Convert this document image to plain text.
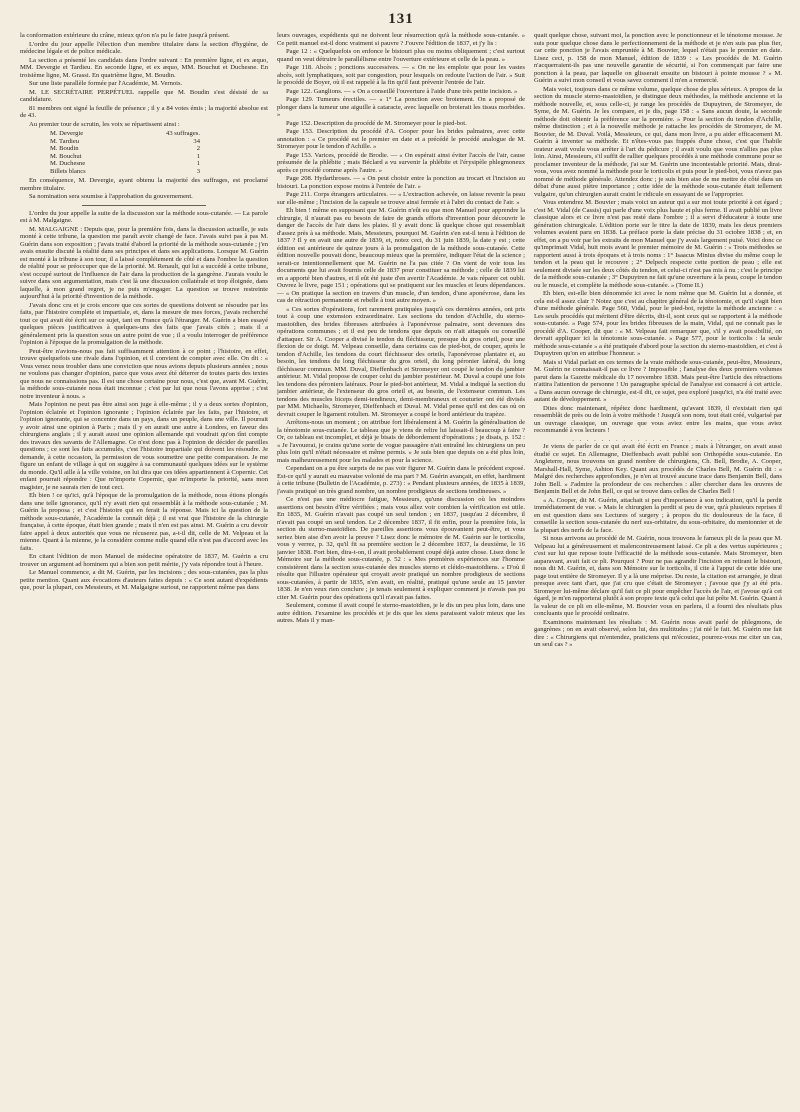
131

la conformation extérieure du crâne, mieux qu'on n'a pu le faire jusqu'à présent.

L'ordre du jour appelle l'élection d'un membre titulaire dans la section d'hygiène, de médecine légale et de police médicale.

La section a présenté les candidats dans l'ordre suivant : En première ligne, et ex æquo, MM. Devergie et Tardieu. En seconde ligne, et ex æquo, MM. Bouchut et Duchesne. En troisième ligne, M. Grassi. En quatrième ligne, M. Boudin.

Sur une liste parallèle formée par l'Académie, M. Vernois.

M. LE SECRÉTAIRE PERPÉTUEL rappelle que M. Boudin s'est désisté de sa candidature.

81 membres ont signé la feuille de présence ; il y a 84 votes émis ; la majorité absolue est de 43.

Au premier tour de scrutin, les voix se répartissent ainsi :

M. Devergie	43 suffrages.
M. Tardieu	34
M. Boudin	2
M. Bouchut	1
M. Duchesne	1
Billets blancs	3

En conséquence, M. Devergie, ayant obtenu la majorité des suffrages, est proclamé membre titulaire.

Sa nomination sera soumise à l'approbation du gouvernement.

L'ordre du jour appelle la suite de la discussion sur la méthode sous-cutanée. — La parole est à M. Malgaigne.

M. MALGAIGNE : Depuis que, pour la première fois, dans la discussion actuelle, je suis monté à cette tribune, la question me paraît avoir changé de face. J'avais suivi pas à pas M. Guérin dans son exposition ; j'avais traité d'abord la priorité de la méthode sous-cutanée ; j'en avais ensuite discuté la réalité dans ses principes et dans ses applications. Lorsque M. Guérin est monté à la tribune à son tour, il a laissé complétement de côté et dans l'ombre la question de réalité pour se préoccuper que de la priorité. M. Renault, qui lui a succédé à cette tribune, s'est occupé surtout de l'influence de l'air dans la production de la gangrène. J'aurais voulu le suivre dans son argumentation, mais c'est là une discussion collatérale et trop éloignée, dans laquelle, à mon grand regret, je ne puis m'engager. La question se trouve restreinte aujourd'hui à la priorité d'invention de la méthode.

J'avais donc cru et je crois encore que ces sortes de questions doivent se résoudre par les faits, par l'histoire complète et impartiale, et, dans la mesure de mes forces, j'avais recherché tout ce qui avait été écrit sur ce sujet, tant en France qu'à l'étranger. M. Guérin a bien essayé quelques pièces justificatives à quelques-uns des faits que j'avais cités ; mais il a généralement pris la question sous un autre point de vue ; il a voulu interroger de préférence l'opinion à l'époque de la promulgation de la méthode.

Peut-être n'avions-nous pas fait suffisamment attention à ce point ; l'histoire, en effet, trouve quelquefois une rivale dans l'opinion, et il convient de compter avec elle. On dit : « Vous venez nous troubler dans une conviction que nous avions depuis plusieurs années ; nous ne voulons pas changer d'opinion, parce que vous avez été déterrer de toutes parts des textes que nous ne connaissions pas. Il est une chose certaine pour nous, c'est que, avant M. Guérin, la méthode sous-cutanée nous était inconnue ; c'est par lui que nous l'avons apprise ; c'est notre inventeur à nous. »

Mais l'opinion ne peut pas être ainsi son juge à elle-même ; il y a deux sortes d'opinion, l'opinion éclairée et l'opinion ignorante ; l'opinion éclairée par les faits, par l'histoire, et l'opinion ignorante, qui se concentre dans un pays, dans un peuple, dans une ville. Il pourrait y avoir ainsi une opinion à Paris ; mais il y en aurait une autre à Londres, en faveur des chirurgiens anglais ; il y aurait aussi une opinion allemande qui voudrait qu'on tînt compte des travaux des savants de l'Allemagne. Ce n'est donc pas à l'opinion de décider de pareilles questions ; ce sont les faits accumulés, c'est l'histoire impartiale qui doivent les résoudre. Je demande, à cette occasion, la permission de vous soumettre une petite comparaison. Je me figure un enfant de village à qui on suggère à sa communauté quelques idées sur le système du monde. Qu'il aille à la ville voisine, on lui dira que ces idées appartiennent à Copernic. Cet enfant pourrait répondre : Que m'importe Copernic, que m'importe la priorité, sans mon magister, je ne saurais rien de tout ceci.

Eh bien ! ce qu'ici, qu'à l'époque de la promulgation de la méthode, nous étions plongés dans une telle ignorance, qu'il n'y avait rien qui ressemblât à la méthode sous-cutanée ; M. Guérin la proposa ; et c'est l'histoire qui en ferait la réponse. Mais ici la question de la méthode sous-cutanée, l'Académie la connaît déjà ; il est vrai que l'histoire de la chirurgie française, à cette époque, était bien grande ; mais il n'en est pas ainsi. M. Guérin a cru devoir faire appel à deux autorités que vous ne récuserez pas, a-t-il dit, celle de M. Velpeau et la mienne. Quant à la mienne, je la considère comme nulle quand elle n'est pas d'accord avec les faits.

En citant l'édition de mon Manuel de médecine opératoire de 1837, M. Guérin a cru trouver un argument ad hominem qui a bien son petit mérite, j'y vais répondre tout à l'heure.

Le Manuel commence, a dit M. Guérin, par les incisions ; des sous-cutanées, pas la plus petite mention. Quant aux évocations d'auteurs faites depuis : « Ce sont autant d'expédients que, pour la plupart, ces Messieurs, et M. Malgaigne surtout, ne rapportent même pas dans

leurs ouvrages, expédients qui ne doivent leur résurrection qu'à la méthode sous-cutanée. » Ce petit manuel est-il donc vraiment si pauvre ? J'ouvre l'édition de 1837, et j'y lis :

Page 12 : « Quelquefois on enfonce le bistouri plus ou moins obliquement ; c'est surtout quand on veut détruire le parallélisme entre l'ouverture extérieure et celle de la peau. »

Page 118. Abcès ; ponctions successives. — « On ne les emploie que pour les vastes abcès, soit lymphatiques, soit par congestion, pour lesquels on redoute l'action de l'air. » Suit le procédé de Boyer, où il est rappelé à la fin qu'il faut prévenir l'entrée de l'air.

Page 122. Ganglions. — « On a conseillé l'ouverture à l'aide d'une très petite incision. »

Page 129. Tumeurs érectiles. — « 1° La ponction avec broiement. On a proposé de plonger dans la tumeur une aiguille à cataracte, avec laquelle on broierait les tissus morbides. »

Page 152. Description du procédé de M. Stromeyer pour le pied-bot.

Page 153. Description du procédé d'A. Cooper pour les brides palmaires, avec cette annotation : « Ce procédé est le premier en date et a précédé le procédé analogue de M. Stromeyer pour le tendon d'Achille. »

Page 153. Varices, procédé de Brodie. — « On espérait ainsi éviter l'accès de l'air, cause présumée de la phlébite ; mais Béclard a vu survenir la phlébite et l'érysipèle phlegmoneux après ce procédé comme après l'autre. »

Page 208. Hydarthroses. — « On peut choisir entre la ponction au trocart et l'incision au bistouri. La ponction expose moins à l'entrée de l'air. »

Page 211. Corps étrangers articulaires. — « L'extraction achevée, on laisse revenir la peau sur elle-même ; l'incision de la capsule se trouve ainsi fermée et à l'abri du contact de l'air. »

Eh bien ! même en supposant que M. Guérin n'eût eu que mon Manuel pour apprendre la chirurgie, il n'aurait pas eu besoin de faire de grands efforts d'invention pour découvrir le danger de l'accès de l'air dans les plaies. Il y avait donc là quelque chose qui ressemblait d'assez près à sa méthode. Mais, Messieurs, pourquoi M. Guérin s'en est-il tenu à l'édition de 1837 ? Il y en avait une autre de 1839, et, notez ceci, du 31 juin 1839, la date y est ; cette édition est antérieure de quinze jours à la promulgation de la méthode sous-cutanée. Cette édition nouvelle pouvait donc, beaucoup mieux que la première, indiquer l'état de la science ; serait-ce intentionnellement que M. Guérin ne l'a pas citée ? On vient de voir tous les documents que lui avait fournis celle de 1837 pour constituer sa méthode ; celle de 1839 lui en a apporté bien d'autres, et il eût été juste d'en avertir l'Académie. Je vais réparer cet oubli. Ouvrez le livre, page 151 ; opérations qui se pratiquent sur les muscles et leurs dépendances. — « On pratique la section en travers d'un muscle, d'un tendon, d'une aponévrose, dans les cas de rétraction permanente et rebelle à tout autre moyen. »

« Ces sortes d'opérations, fort rarement pratiquées jusqu'à ces dernières années, ont pris tout à coup une extension extraordinaire. Les sections du tendon d'Achille, du sterno-mastoïdien, des brides fibreuses attribuées à l'aponévrose palmaire, sont devenues des opérations communes ; et il est peu de tendons que depuis on n'ait attaqués ou conseillé d'attaquer. Sir A. Cooper a divisé le tendon du fléchisseur, presque du gros orteil, pour une flexion de ce doigt. M. Velpeau conseille, dans certains cas de pied-bot, de couper, après le tendon d'Achille, les tendons du court fléchisseur des orteils, l'aponévrose plantaire et, au besoin, les tendons du long fléchisseur du gros orteil, du long péronier latéral, du long fléchisseur commun. MM. Duval, Dieffenbach et Stromeyer ont coupé le tendon du jambier antérieur. M. Vidal propose de couper celui du jambier postérieur. M. Duval a coupé une fois les tendons des péroniers latéraux. Pour le pied-bot antérieur, M. Vidal a indiqué la section du jambier antérieur, de l'extenseur du gros orteil et, au besoin, de l'extenseur commun. Les tendons des muscles biceps demi-tendineux, demi-membraneux et couturier ont été divisés par MM. Michaelis, Stromeyer, Dieffenbach et Duval. M. Vidal pense qu'il est des cas où on devrait couper le ligament rotulien. M. Stromeyer a coupé le bord antérieur du trapèze.

Arrêtons-nous un moment ; on attribue fort libéralement à M. Guérin la généralisation de la ténotomie sous-cutanée. Le tableau que je viens de relire lui laissait-il beaucoup à faire ? Or, ce tableau est incomplet, et déjà je bisais de débordement d'opérations ; je disais, p. 152 : « Je l'avouerai, je crains qu'une sorte de vogue passagère n'ait entraîné les chirurgiens un peu plus loin qu'il n'était nécessaire et même permis. » Je suis bien que depuis on a été plus loin, mais malheureusement pour les malades et pour la science.

Cependant on a pu être surpris de ne pas voir figurer M. Guérin dans le précédent exposé. Est-ce qu'il y aurait eu mauvaise volonté de ma part ? M. Guérin avançait, en effet, hardiment à cette tribune (Bulletin de l'Académie, p. 273) : « Pendant plusieurs années, de 1835 à 1839, j'avais pratiqué un très grand nombre, un nombre prodigieux de sections tendineuses. »

Ce n'est pas une médiocre fatigue, Messieurs, qu'une discussion où les moindres assertions ont besoin d'être vérifiées ; mais vous allez voir combien la vérification est utile. En 1835, M. Guérin n'avait pas coupé un seul tendon ; en 1837, jusqu'au 2 décembre, il n'avait pas coupé un seul tendon. Le 2 décembre 1837, il fit enfin, pour la première fois, la section du sterno-mastoïdien. De pareilles assertions vous épouvantent peut-être, et vous seriez bien aise d'en avoir la preuve ? Lisez donc le mémoire de M. Guérin sur le torticolis, vous y verrez, p. 32, qu'il fit sa première section le 2 décembre 1837, la deuxième, le 16 janvier 1838. Fort bien, dira-t-on, il avait probablement coupé déjà autre chose. Lisez donc le Mémoire sur la méthode sous-cutanée, p. 52 : « Mes premières expériences sur l'homme consistèrent dans la section sous-cutanée des muscles sterno et cléido-mastoïdiens. » D'où il résulte que l'illustre opérateur qui croyait avoir pratiqué un nombre prodigieux de sections sous-cutanées, à partir de 1835, n'en avait, en réalité, pratiqué qu'une seule au 15 janvier 1838. Je n'en veux rien conclure ; je tenais seulement à expliquer comment je n'avais pas pu citer M. Guérin pour des opérations qu'il n'avait pas faites.

Seulement, comme il avait coupé le sterno-mastoïdien, je le dis un peu plus loin, dans une autre édition. J'examine les procédés et je dis que les siens paraissent valoir mieux que les autres. Mais il y man-

quait quelque chose, suivant moi, la ponction avec le ponctionneur et le ténotome mousse. Je suis pour quelque chose dans le perfectionnement de la méthode et je n'en suis pas plus fier, car cette ponction je l'avais empruntée à M. Bouvier, lequel n'était pas le premier en date. Lisez ceci, p. 158 de mon Manuel, édition de 1839 : « Les procédés de M. Guérin n'acquerraient-ils pas une nouvelle garantie de sécurité, si l'on commençait par faire une ponction à la peau, par laquelle on glisserait ensuite un bistouri à pointe mousse ? » M. Guérin a suivi mon conseil et vous savez comment il m'en a remercié.

Mais voici, toujours dans ce même volume, quelque chose de plus sérieux. A propos de la section du muscle sterno-mastoïdien, je distingue deux méthodes, la méthode ancienne et la méthode nouvelle, et, sous celle-ci, je range les procédés de Dupuytren, de Stromeyer, de Syme, de M. Guérin. Je les compare, et je dis, page 158 : « Sans aucun doute, la seconde méthode doit obtenir la préférence sur la première. » Pour la section du tendon d'Achille, même distinction ; et à la nouvelle méthode je rattache les procédés de Stromeyer, de M. Bouvier, de M. Duval. Voilà, Messieurs, ce qui, dans mon livre, a pu aider efficacement M. Guérin à inventer sa méthode. Et n'êtes-vous pas frappés d'une chose, c'est que l'habile orateur avait voulu vous arrêter à l'art du pédicure ; il avait voulu que vous n'allies pas plus loin. Ainsi, Messieurs, s'il suffit de rallier quelques procédés à une méthode commune pour se proclamer inventeur de la méthode, j'ai sur M. Guérin une incontestable priorité. Mais, dirai-vous, vous avez nommé la méthode pour le torticolis et puis pour le pied-bot, vous n'avez pas nommé de méthode générale. Attendez donc ; je suis bien aise de me mettre de côté dans un débat d'une aussi piètre importance ; cette idée de la méthode sous-cutanée était tellement vulgaire, qu'un chirurgien aurait craint le ridicule en essayant de se l'approprier.

Vous entendrez M. Bouvier ; mais voici un auteur qui a sur moi toute priorité à cet égard ; c'est M. Vidal (de Cassis) qui parle d'une voix plus haute et plus ferme. Il avait publié un livre classique alors et ce livre n'est pas resté dans l'ombre ; il a servi d'éducateur à toute une génération chirurgicale. L'édition porte sur le titre la date de 1839, mais les deux premiers volumes avaient paru en 1838. La préface porte la date précise du 31 octobre 1838 ; et, en effet, on a pu voir par les extraits de mon Manuel que j'y avais largement puisé. Voici donc ce qu'imprimait Vidal, huit mois avant le premier mémoire de M. Guérin : « Trois méthodes se rapportent aussi à trois époques et à trois noms : 1° Isaacus Minius divise du même coup le tendon et la peau qui le recouvre ; 2° Delpech respecte cette portion de peau ; elle est seulement divisée sur les deux côtés du tendon, et celui-ci n'est pas mis à nu ; c'est le principe de la méthode sous-cutanée ; 3° Dupuytren ne fait qu'une ouverture à la peau, coupe le tendon ou le muscle, et complète la méthode sous-cutanée. » (Tome II.)

Eh bien, est-elle bien dénommée ici avec le nom même que M. Guérin lui a donnée, et cela est-il assez clair ? Notez que c'est au chapitre général de la ténotomie, et qu'il s'agit bien d'une méthode générale. Page 560, Vidal, pour le pied-bot, rejette la méthode ancienne : « Les seuls procédés qui méritent d'être décrits, dit-il, sont ceux qui se rapportent à la méthode sous-cutanée. » Page 574, pour les brides fibreuses de la main, Vidal, qui ne connaît pas le procédé d'A. Cooper, dit que : « M. Velpeau fait remarquer que, s'il y avait possibilité, on devrait appliquer ici la ténotomie sous-cutanée. » Page 577, pour le torticolis : la seule méthode sous-cutanée » a été pratiquée d'abord pour la section du sterno-mastoïdien, et c'est à Dupuytren qu'on en attribue l'honneur. »

Mais si Vidal parlait en ces termes de la vraie méthode sous-cutanée, peut-être, Messieurs, M. Guérin ne connaissait-il pas ce livre ? Impossible ; l'analyse des deux premiers volumes parut dans la Gazette médicale du 17 novembre 1838. Mais peut-être l'article des rétractions n'attira l'attention de personne ! Un paragraphe spécial de l'analyse est consacré à cet article. « Dans aucun ouvrage de chirurgie, est-il dit, ce sujet, peu exploré jusqu'ici, n'a été traité avec autant de développement. »

Dites donc maintenant, répétez donc hardiment, qu'avant 1839, il n'existait rien qui ressemblât de près ou de loin à votre méthode ! Jusqu'à son nom, tout était créé, vulgarisé par un ouvrage classique, un ouvrage que vous aviez entre les mains, que vous aviez recommandé à vos lecteurs !

. . . . . . . . . . . . . . . . . . . . . . . .

Je viens de parler de ce qui avait été écrit en France ; mais à l'étranger, on avait aussi étudié ce sujet. En Allemagne, Dieffenbach avait publié son Orthopédie sous-cutanée. En Angleterre, nous trouvons un grand nombre de chirurgiens, Ch. Bell, Brodie, A. Cooper, Marshall-Hall, Syme, Ashton Key. Quant aux procédés de Charles Bell, M. Guérin dit : « Malgré des recherches approfondies, je n'en ai trouvé aucune trace dans Benjamin Bell, dans John Bell. » J'admire la profondeur de ces recherches : aller chercher dans les œuvres de Benjamin Bell et de John Bell, ce qui se trouve dans celles de Charles Bell !

« A. Cooper, dit M. Guérin, attachait si peu d'importance à son indication, qu'il la perdit immédiatement de vue. » Mais le chirurgien la perdit si peu de vue, qu'à plusieurs reprises il en est question dans ses Lectures of surgery ; à propos du tic douloureux de la face, il conseille la section sous-cutanée du nerf sus-orbitaire, du sous-orbitaire, du mentonnier et de la plupart des nerfs de la face.

Si nous arrivons au procédé de M. Guérin, nous trouvons le fameux pli de la peau que M. Velpeau lui a généreusement et malencontreusement laissé. Ce pli a des vertus supérieures ; c'est sur lui que repose toute l'efficacité de la méthode sous-cutanée. Mais Stromeyer, bien auparavant, avait fait ce pli. Pourquoi ? Pour ne pas agrandir l'incision en retirant le bistouri, nous dit M. Guérin, et, dans son Mémoire sur le torticolis, il cite à l'appui de cette idée une page tout entière de Stromeyer. Il y a là une méprise. Du reste, la citation est arrangée, je dirai presque avec tant d'art, que j'ai cru que c'était de Stromeyer ; j'avoue que j'y ai été pris. Stromeyer lui-même déclare qu'il fait ce pli pour empêcher l'accès de l'air, et j'avoue qu'à cet égard, je m'en rapporterai plutôt à son propre texte qu'à celui que lui prête M. Guérin. Quant à la valeur de ce pli en elle-même, M. Bouvier vous en parlera, il a fourni des résultats plus concluants que le procédé ordinaire.

Examinons maintenant les résultats : M. Guérin nous avait parlé de phlegmons, de gangrènes ; on en avait observé, selon lui, des multitudes ; j'ai nié le fait. M. Guérin me fait dire : « Chirurgiens qui m'entendez, praticiens qui m'écoutez, pourrez-vous me citer un cas, un seul cas ? »
